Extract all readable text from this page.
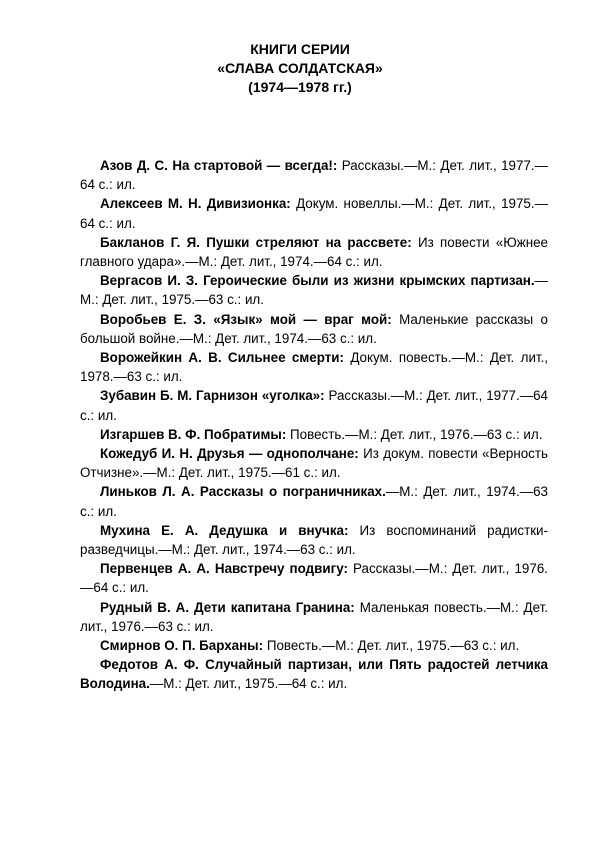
КНИГИ СЕРИИ
«СЛАВА СОЛДАТСКАЯ»
(1974—1978 гг.)

Азов Д. С. На стартовой — всегда!: Рассказы.—М.: Дет. лит., 1977.—64 с.: ил.

Алексеев М. Н. Дивизионка: Докум. новеллы.—М.: Дет. лит., 1975.—64 с.: ил.

Бакланов Г. Я. Пушки стреляют на рассвете: Из повести «Южнее главного удара».—М.: Дет. лит., 1974.—64 с.: ил.

Вергасов И. З. Героические были из жизни крымских партизан.—М.: Дет. лит., 1975.—63 с.: ил.

Воробьев Е. З. «Язык» мой — враг мой: Маленькие рассказы о большой войне.—М.: Дет. лит., 1974.—63 с.: ил.

Ворожейкин А. В. Сильнее смерти: Докум. повесть.—М.: Дет. лит., 1978.—63 с.: ил.

Зубавин Б. М. Гарнизон «уголка»: Рассказы.—М.: Дет. лит., 1977.—64 с.: ил.

Изгаршев В. Ф. Побратимы: Повесть.—М.: Дет. лит., 1976.—63 с.: ил.

Кожедуб И. Н. Друзья — однополчане: Из докум. повести «Верность Отчизне».—М.: Дет. лит., 1975.—61 с.: ил.

Линьков Л. А. Рассказы о пограничниках.—М.: Дет. лит., 1974.—63 с.: ил.

Мухина Е. А. Дедушка и внучка: Из воспоминаний радистки-разведчицы.—М.: Дет. лит., 1974.—63 с.: ил.

Первенцев А. А. Навстречу подвигу: Рассказы.—М.: Дет. лит., 1976.—64 с.: ил.

Рудный В. А. Дети капитана Гранина: Маленькая повесть.—М.: Дет. лит., 1976.—63 с.: ил.

Смирнов О. П. Барханы: Повесть.—М.: Дет. лит., 1975.—63 с.: ил.

Федотов А. Ф. Случайный партизан, или Пять радостей летчика Володина.—М.: Дет. лит., 1975.—64 с.: ил.
